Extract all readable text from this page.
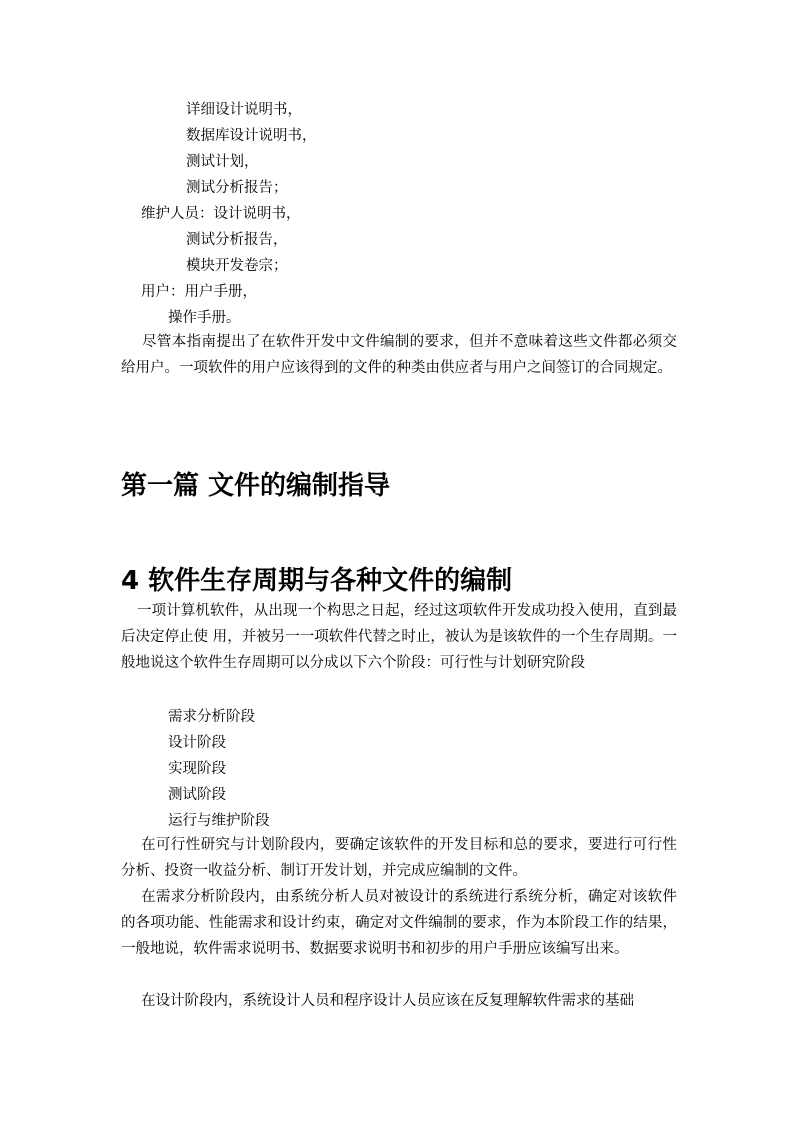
详细设计说明书，
数据库设计说明书，
测试计划，
测试分析报告；
维护人员：设计说明书，
测试分析报告，
模块开发卷宗；
用户：用户手册，
操作手册。
尽管本指南提出了在软件开发中文件编制的要求，但并不意味着这些文件都必须交给用户。一项软件的用户应该得到的文件的种类由供应者与用户之间签订的合同规定。
第一篇 文件的编制指导
4 软件生存周期与各种文件的编制
一项计算机软件，从出现一个构思之日起，经过这项软件开发成功投入使用，直到最后决定停止使 用，并被另一一项软件代替之时止，被认为是该软件的一个生存周期。一般地说这个软件生存周期可以分成以下六个阶段：可行性与计划研究阶段
需求分析阶段
设计阶段
实现阶段
测试阶段
运行与维护阶段
在可行性研究与计划阶段内，要确定该软件的开发目标和总的要求，要进行可行性分析、投资一收益分析、制订开发计划，并完成应编制的文件。
在需求分析阶段内，由系统分析人员对被设计的系统进行系统分析，确定对该软件的各项功能、性能需求和设计约束，确定对文件编制的要求，作为本阶段工作的结果，一般地说，软件需求说明书、数据要求说明书和初步的用户手册应该编写出来。
在设计阶段内，系统设计人员和程序设计人员应该在反复理解软件需求的基础
